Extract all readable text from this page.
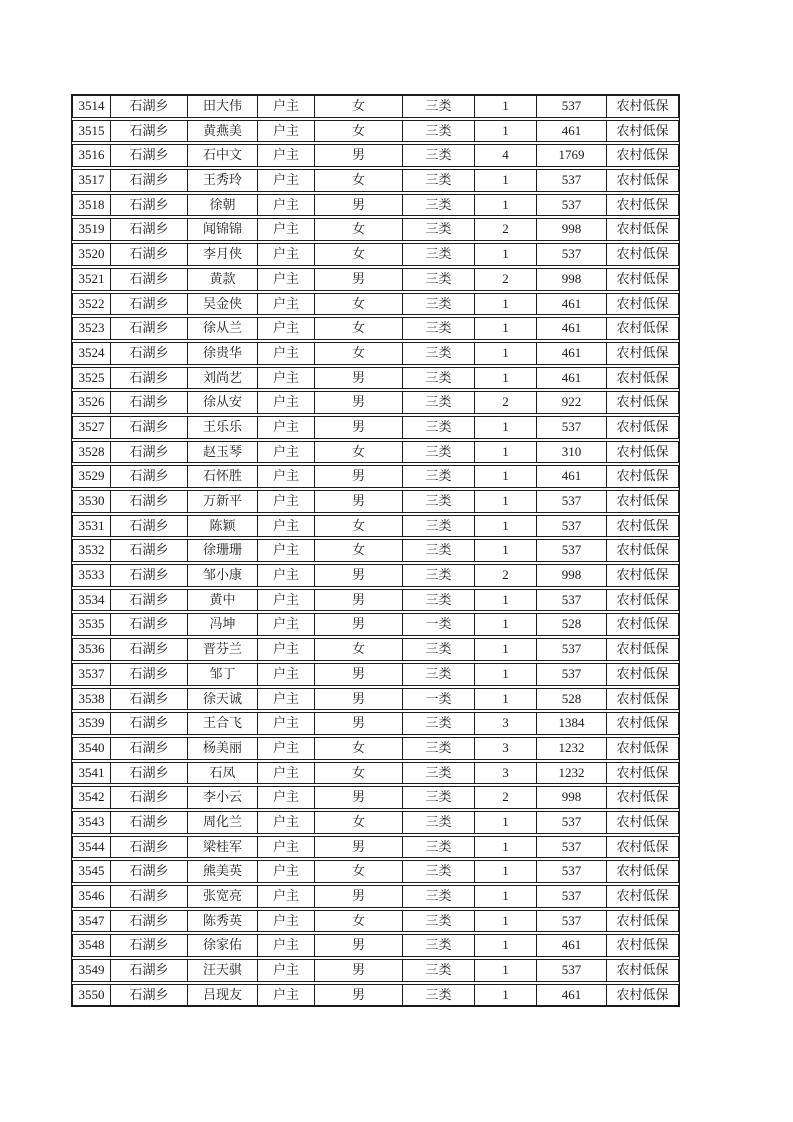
3514	石湖乡	田大伟	户主	女	三类	1	537	农村低保
3515	石湖乡	黄燕美	户主	女	三类	1	461	农村低保
3516	石湖乡	石中文	户主	男	三类	4	1769	农村低保
3517	石湖乡	王秀玲	户主	女	三类	1	537	农村低保
3518	石湖乡	徐朝	户主	男	三类	1	537	农村低保
3519	石湖乡	闻锦锦	户主	女	三类	2	998	农村低保
3520	石湖乡	李月侠	户主	女	三类	1	537	农村低保
3521	石湖乡	黄款	户主	男	三类	2	998	农村低保
3522	石湖乡	吴金侠	户主	女	三类	1	461	农村低保
3523	石湖乡	徐从兰	户主	女	三类	1	461	农村低保
3524	石湖乡	徐贵华	户主	女	三类	1	461	农村低保
3525	石湖乡	刘尚艺	户主	男	三类	1	461	农村低保
3526	石湖乡	徐从安	户主	男	三类	2	922	农村低保
3527	石湖乡	王乐乐	户主	男	三类	1	537	农村低保
3528	石湖乡	赵玉琴	户主	女	三类	1	310	农村低保
3529	石湖乡	石怀胜	户主	男	三类	1	461	农村低保
3530	石湖乡	万新平	户主	男	三类	1	537	农村低保
3531	石湖乡	陈颖	户主	女	三类	1	537	农村低保
3532	石湖乡	徐珊珊	户主	女	三类	1	537	农村低保
3533	石湖乡	邹小康	户主	男	三类	2	998	农村低保
3534	石湖乡	黄中	户主	男	三类	1	537	农村低保
3535	石湖乡	冯坤	户主	男	一类	1	528	农村低保
3536	石湖乡	晋芬兰	户主	女	三类	1	537	农村低保
3537	石湖乡	邹丁	户主	男	三类	1	537	农村低保
3538	石湖乡	徐天诚	户主	男	一类	1	528	农村低保
3539	石湖乡	王合飞	户主	男	三类	3	1384	农村低保
3540	石湖乡	杨美丽	户主	女	三类	3	1232	农村低保
3541	石湖乡	石凤	户主	女	三类	3	1232	农村低保
3542	石湖乡	李小云	户主	男	三类	2	998	农村低保
3543	石湖乡	周化兰	户主	女	三类	1	537	农村低保
3544	石湖乡	梁桂军	户主	男	三类	1	537	农村低保
3545	石湖乡	熊美英	户主	女	三类	1	537	农村低保
3546	石湖乡	张宽亮	户主	男	三类	1	537	农村低保
3547	石湖乡	陈秀英	户主	女	三类	1	537	农村低保
3548	石湖乡	徐家佑	户主	男	三类	1	461	农村低保
3549	石湖乡	汪天骐	户主	男	三类	1	537	农村低保
3550	石湖乡	吕现友	户主	男	三类	1	461	农村低保
